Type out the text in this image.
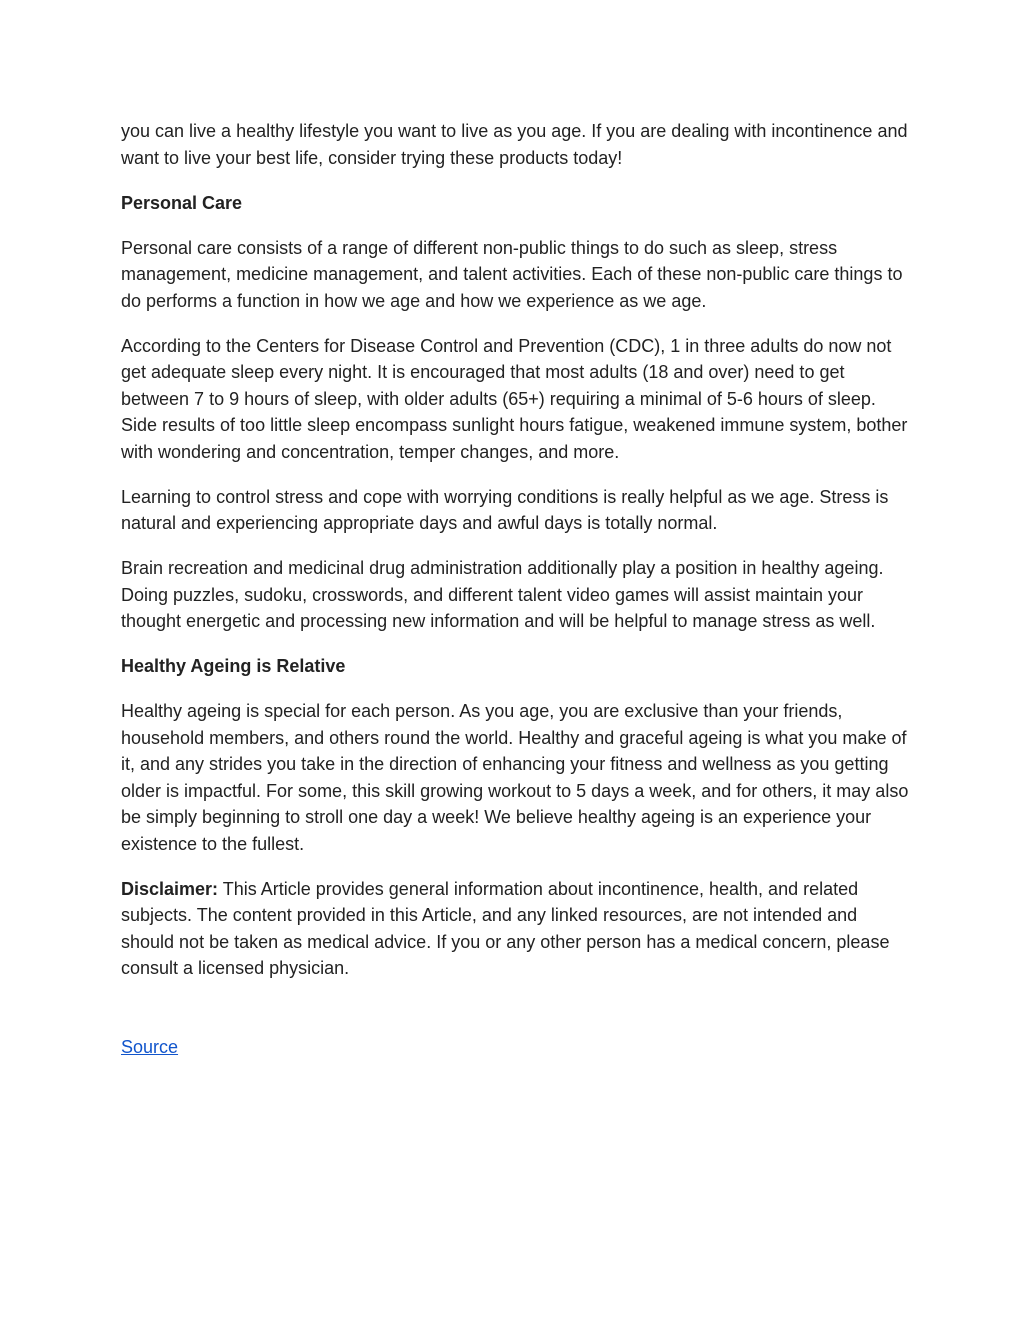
you can live a healthy lifestyle you want to live as you age. If you are dealing with incontinence and want to live your best life, consider trying these products today!

Personal Care

Personal care consists of a range of different non-public things to do such as sleep, stress management, medicine management, and talent activities. Each of these non-public care things to do performs a function in how we age and how we experience as we age.

According to the Centers for Disease Control and Prevention (CDC), 1 in three adults do now not get adequate sleep every night. It is encouraged that most adults (18 and over) need to get between 7 to 9 hours of sleep, with older adults (65+) requiring a minimal of 5-6 hours of sleep. Side results of too little sleep encompass sunlight hours fatigue, weakened immune system, bother with wondering and concentration, temper changes, and more.

Learning to control stress and cope with worrying conditions is really helpful as we age. Stress is natural and experiencing appropriate days and awful days is totally normal.

Brain recreation and medicinal drug administration additionally play a position in healthy ageing. Doing puzzles, sudoku, crosswords, and different talent video games will assist maintain your thought energetic and processing new information and will be helpful to manage stress as well.

Healthy Ageing is Relative

Healthy ageing is special for each person. As you age, you are exclusive than your friends, household members, and others round the world. Healthy and graceful ageing is what you make of it, and any strides you take in the direction of enhancing your fitness and wellness as you getting older is impactful. For some, this skill growing workout to 5 days a week, and for others, it may also be simply beginning to stroll one day a week! We believe healthy ageing is an experience your existence to the fullest.

Disclaimer: This Article provides general information about incontinence, health, and related subjects. The content provided in this Article, and any linked resources, are not intended and should not be taken as medical advice. If you or any other person has a medical concern, please consult a licensed physician.

Source
